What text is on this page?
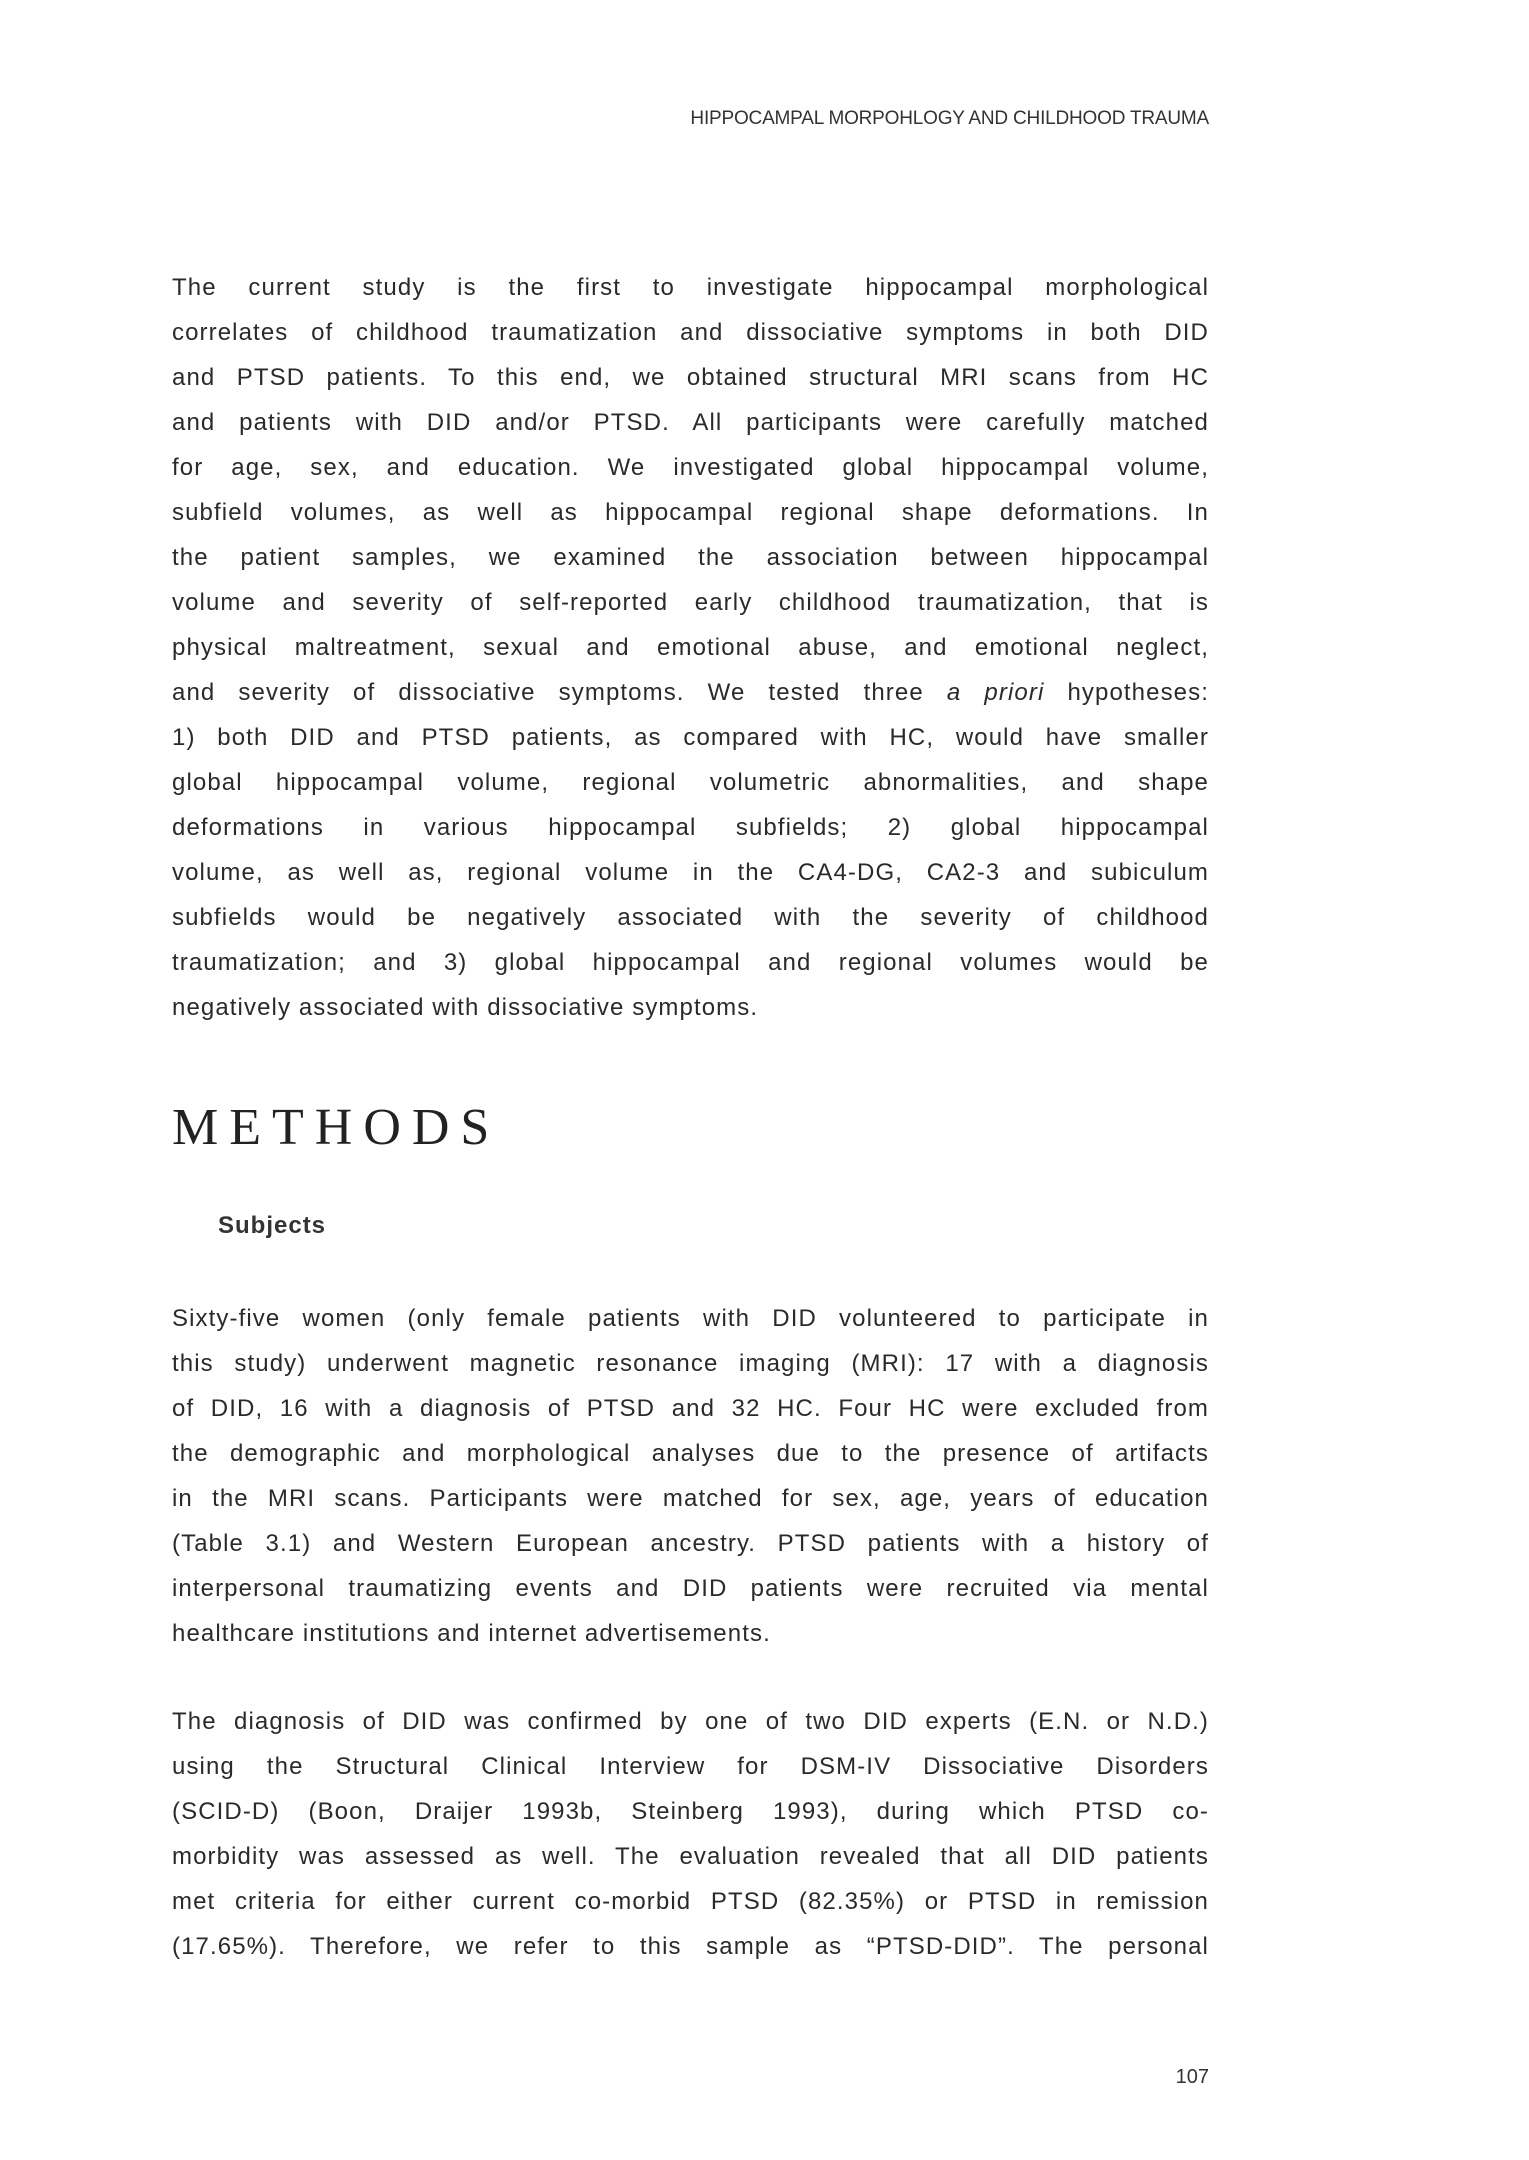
HIPPOCAMPAL MORPOHLOGY AND CHILDHOOD TRAUMA
The current study is the first to investigate hippocampal morphological
correlates of childhood traumatization and dissociative symptoms in both DID
and PTSD patients. To this end, we obtained structural MRI scans from HC
and patients with DID and/or PTSD. All participants were carefully matched
for age, sex, and education. We investigated global hippocampal volume,
subfield volumes, as well as hippocampal regional shape deformations. In
the patient samples, we examined the association between hippocampal
volume and severity of self-reported early childhood traumatization, that is
physical maltreatment, sexual and emotional abuse, and emotional neglect,
and severity of dissociative symptoms. We tested three a priori hypotheses:
1) both DID and PTSD patients, as compared with HC, would have smaller
global hippocampal volume, regional volumetric abnormalities, and shape
deformations in various hippocampal subfields; 2) global hippocampal
volume, as well as, regional volume in the CA4-DG, CA2-3 and subiculum
subfields would be negatively associated with the severity of childhood
traumatization; and 3) global hippocampal and regional volumes would be
negatively associated with dissociative symptoms.
METHODS
Subjects
Sixty-five women (only female patients with DID volunteered to participate in
this study) underwent magnetic resonance imaging (MRI): 17 with a diagnosis
of DID, 16 with a diagnosis of PTSD and 32 HC. Four HC were excluded from
the demographic and morphological analyses due to the presence of artifacts
in the MRI scans. Participants were matched for sex, age, years of education
(Table 3.1) and Western European ancestry. PTSD patients with a history of
interpersonal traumatizing events and DID patients were recruited via mental
healthcare institutions and internet advertisements.
The diagnosis of DID was confirmed by one of two DID experts (E.N. or N.D.)
using the Structural Clinical Interview for DSM-IV Dissociative Disorders
(SCID-D) (Boon, Draijer 1993b, Steinberg 1993), during which PTSD co-
morbidity was assessed as well. The evaluation revealed that all DID patients
met criteria for either current co-morbid PTSD (82.35%) or PTSD in remission
(17.65%). Therefore, we refer to this sample as “PTSD-DID”. The personal
107
